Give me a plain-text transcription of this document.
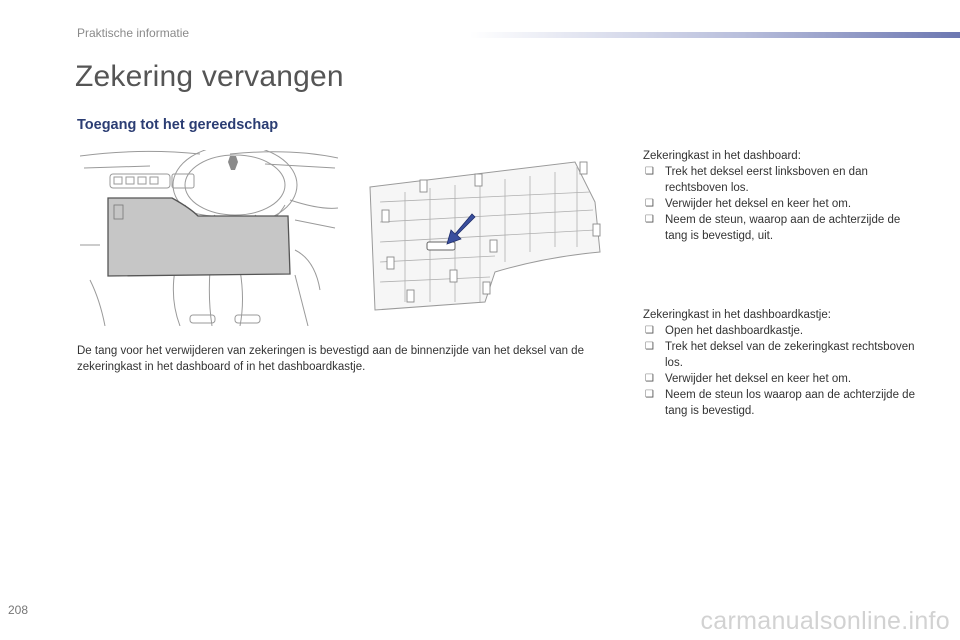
Praktische informatie
Zekering vervangen
Toegang tot het gereedschap

De tang voor het verwijderen van zekeringen is bevestigd aan de binnenzijde van het deksel van de zekeringkast in het dashboard of in het dashboardkastje.

Zekeringkast in het dashboard:

❑ Trek het deksel eerst linksboven en dan rechtsboven los.
❑ Verwijder het deksel en keer het om.
❑ Neem de steun, waarop aan de achterzijde de tang is bevestigd, uit.

Zekeringkast in het dashboardkastje:

❑ Open het dashboardkastje.
❑ Trek het deksel van de zekeringkast rechtsboven los.
❑ Verwijder het deksel en keer het om.
❑ Neem de steun los waarop aan de achterzijde de tang is bevestigd.
208	carmanualsonline.info
